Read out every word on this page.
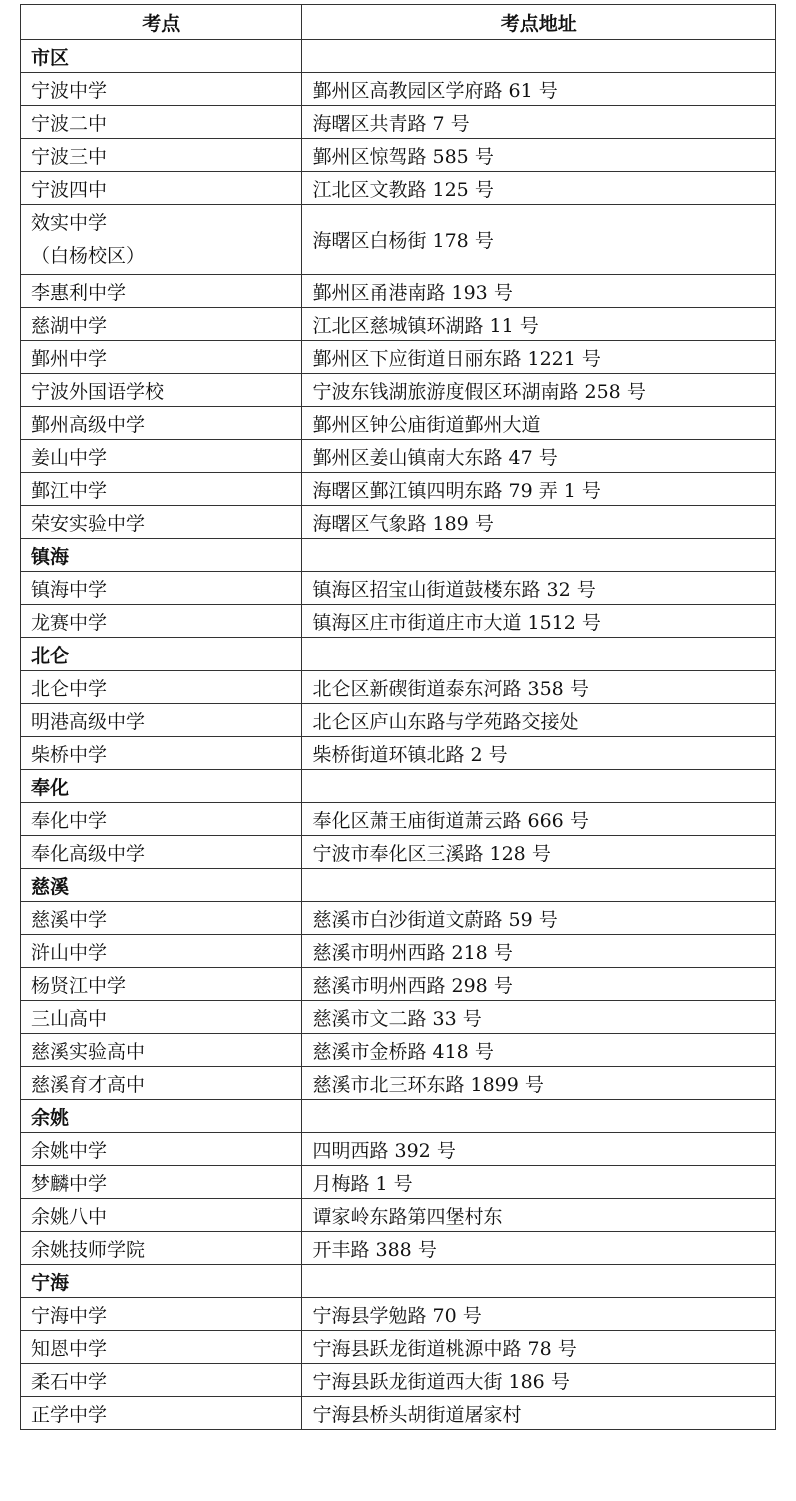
考点	考点地址
市区	
宁波中学	鄞州区高教园区学府路 61 号
宁波二中	海曙区共青路 7 号
宁波三中	鄞州区惊驾路 585 号
宁波四中	江北区文教路 125 号
效实中学
（白杨校区）	海曙区白杨街 178 号
李惠利中学	鄞州区甬港南路 193 号
慈湖中学	江北区慈城镇环湖路 11 号
鄞州中学	鄞州区下应街道日丽东路 1221 号
宁波外国语学校	宁波东钱湖旅游度假区环湖南路 258 号
鄞州高级中学	鄞州区钟公庙街道鄞州大道
姜山中学	鄞州区姜山镇南大东路 47 号
鄞江中学	海曙区鄞江镇四明东路 79 弄 1 号
荣安实验中学	海曙区气象路 189 号
镇海	
镇海中学	镇海区招宝山街道鼓楼东路 32 号
龙赛中学	镇海区庄市街道庄市大道 1512 号
北仑	
北仑中学	北仑区新碶街道泰东河路 358 号
明港高级中学	北仑区庐山东路与学苑路交接处
柴桥中学	柴桥街道环镇北路 2 号
奉化	
奉化中学	奉化区萧王庙街道萧云路 666 号
奉化高级中学	宁波市奉化区三溪路 128 号
慈溪	
慈溪中学	慈溪市白沙街道文蔚路 59 号
浒山中学	慈溪市明州西路 218 号
杨贤江中学	慈溪市明州西路 298 号
三山高中	慈溪市文二路 33 号
慈溪实验高中	慈溪市金桥路 418 号
慈溪育才高中	慈溪市北三环东路 1899 号
余姚	
余姚中学	四明西路 392 号
梦麟中学	月梅路 1 号
余姚八中	谭家岭东路第四堡村东
余姚技师学院	开丰路 388 号
宁海	
宁海中学	宁海县学勉路 70 号
知恩中学	宁海县跃龙街道桃源中路 78 号
柔石中学	宁海县跃龙街道西大街 186 号
正学中学	宁海县桥头胡街道屠家村
